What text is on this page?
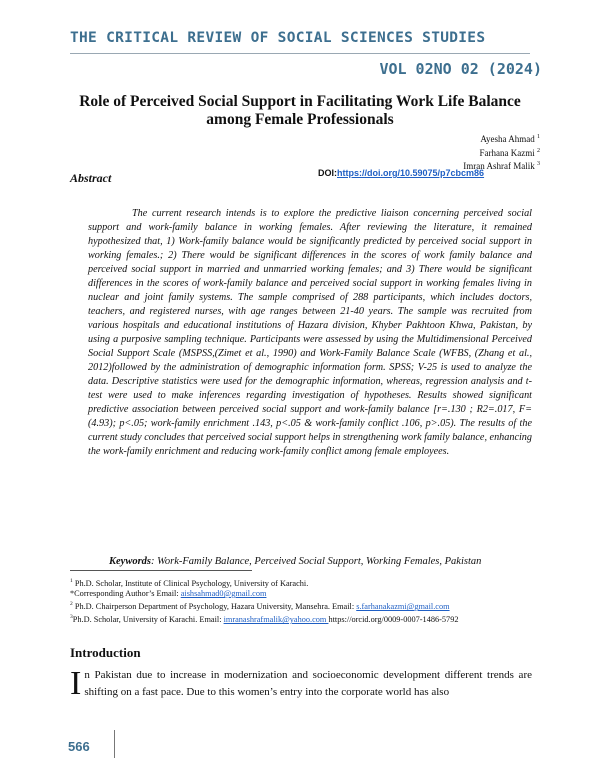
THE CRITICAL REVIEW OF SOCIAL SCIENCES STUDIES
VOL 02NO 02 (2024)
Role of Perceived Social Support in Facilitating Work Life Balance
among Female Professionals
Ayesha Ahmad $^1$
Farhana Kazmi $^2$
Imran Ashraf Malik $^3$
Abstract	DOI:https://doi.org/10.59075/p7cbcm86
The current research intends is to explore the predictive liaison concerning perceived social support and work-family balance in working females. After reviewing the literature, it remained hypothesized that, 1) Work-family balance would be significantly predicted by perceived social support in working females.; 2) There would be significant differences in the scores of work family balance and perceived social support in married and unmarried working females; and 3) There would be significant differences in the scores of work-family balance and perceived social support in working females living in nuclear and joint family systems. The sample comprised of 288 participants, which includes doctors, teachers, and registered nurses, with age ranges between 21-40 years. The sample was recruited from various hospitals and educational institutions of Hazara division, Khyber Pakhtoon Khwa, Pakistan, by using a purposive sampling technique. Participants were assessed by using the Multidimensional Perceived Social Support Scale (MSPSS,(Zimet et al., 1990) and Work-Family Balance Scale (WFBS, (Zhang et al., 2012)followed by the administration of demographic information form. SPSS; V-25 is used to analyze the data. Descriptive statistics were used for the demographic information, whereas, regression analysis and t-test were used to make inferences regarding investigation of hypotheses. Results showed significant predictive association between perceived social support and work-family balance [r=.130 ; R2=.017, F= (4.93); p<.05; work-family enrichment .143, p<.05 & work-family conflict .106, p>.05). The results of the current study concludes that perceived social support helps in strengthening work family balance, enhancing the work-family enrichment and reducing work-family conflict among female employees.
Keywords: Work-Family Balance, Perceived Social Support, Working Females, Pakistan
$^1$ Ph.D. Scholar, Institute of Clinical Psychology, University of Karachi.
*Corresponding Author’s Email: aishsahmad0@gmail.com
$^2$ Ph.D. Chairperson Department of Psychology, Hazara University, Mansehra. Email: s.farhanakazmi@gmail.com
$^3$Ph.D. Scholar, University of Karachi. Email: imranashrafmalik@yahoo.com https://orcid.org/0009-0007-1486-5792
Introduction
In Pakistan due to increase in modernization and socioeconomic development different trends are shifting on a fast pace. Due to this women’s entry into the corporate world has also
566
